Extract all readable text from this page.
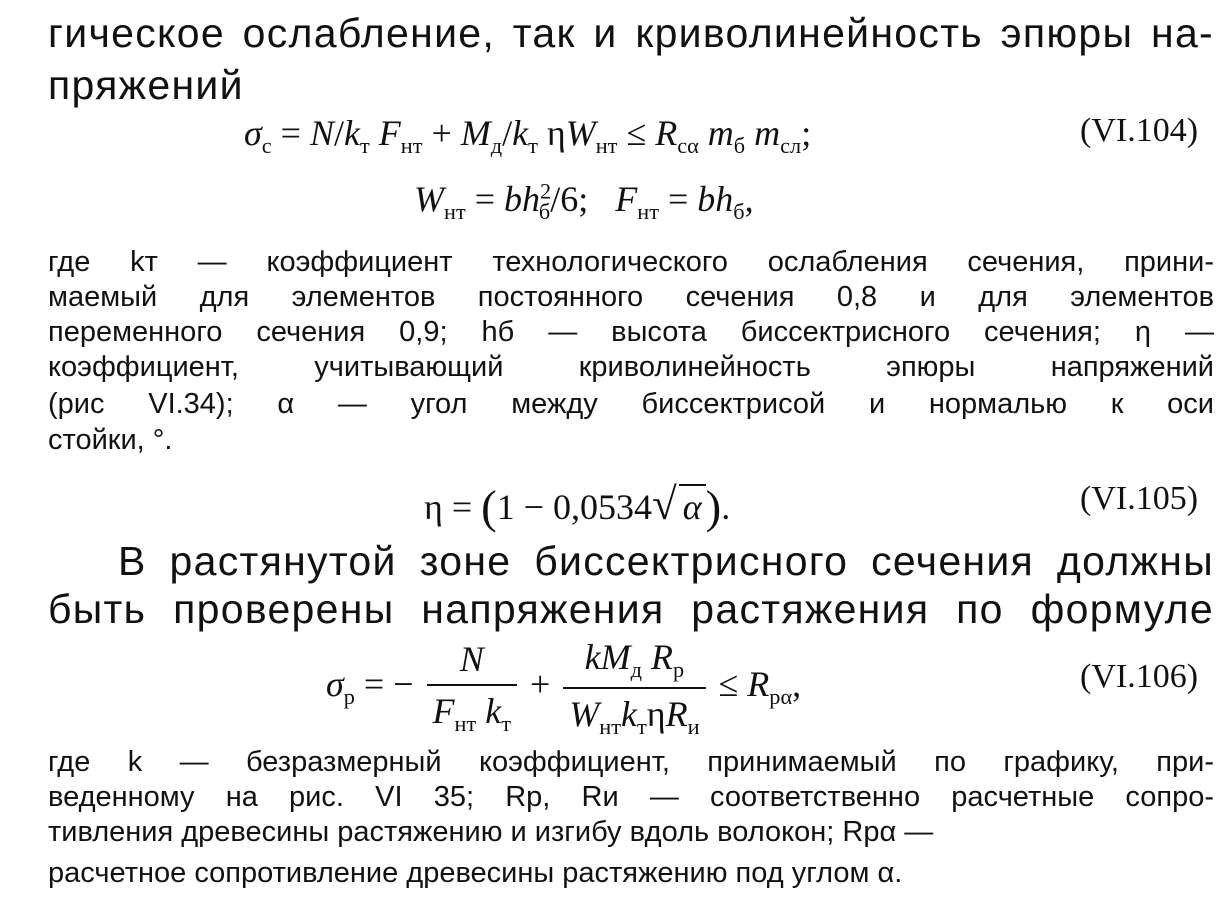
гическое ослабление, так и криволинейность эпюры на-
пряжений
$\sigma_с = N/k_т$ $F_{нт} + M_д/k_т$ $\eta W_{нт} \le R_{с\alpha}$ $m_б$ $m_{сл}$;	(VI.104)
$W_{нт} = bh^2_б/6$;   $F_{нт} = bh_б$,
где kт — коэффициент технологического ослабления сечения, прини-
маемый для элементов постоянного сечения 0,8 и для элементов
переменного сечения 0,9; hб — высота биссектрисного сечения; η —
коэффициент, учитывающий криволинейность эпюры напряжений
(рис VI.34); α — угол между биссектрисой и нормалью к оси
стойки, °.
η = (1 − 0,0534√ α).	(VI.105)
В растянутой зоне биссектрисного сечения должны
быть проверены напряжения растяжения по формуле
$\sigma_р$ = − $\frac{N}{F_{нт} k_т} + \frac{kM_д R_р}{W_{нт}k_т\eta R_и} \le R_{р\alpha}$,	(VI.106)
где k — безразмерный коэффициент, принимаемый по графику, при-
веденному на рис. VI 35; Rр, Rи — соответственно расчетные сопро-
тивления древесины растяжению и изгибу вдоль волокон; Rрα —
расчетное сопротивление древесины растяжению под углом α.
